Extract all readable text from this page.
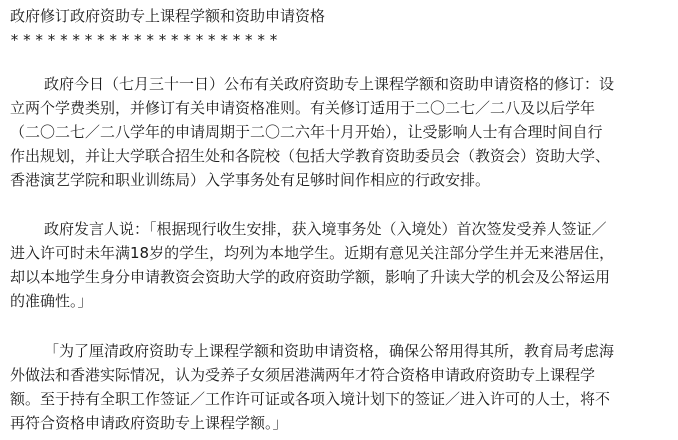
政府修订政府资助专上课程学额和资助申请资格
**********************
政府今日（七月三十一日）公布有关政府资助专上课程学额和资助申请资格的修订：设
立两个学费类别，并修订有关申请资格准则。有关修订适用于二〇二七／二八及以后学年
（二〇二七／二八学年的申请周期于二〇二六年十月开始），让受影响人士有合理时间自行
作出规划，并让大学联合招生处和各院校（包括大学教育资助委员会（教资会）资助大学、
香港演艺学院和职业训练局）入学事务处有足够时间作相应的行政安排。
政府发言人说：「根据现行收生安排，获入境事务处（入境处）首次签发受养人签证／
进入许可时未年满18岁的学生，均列为本地学生。近期有意见关注部分学生并无来港居住，
却以本地学生身分申请教资会资助大学的政府资助学额，影响了升读大学的机会及公帑运用
的准确性。」
「为了厘清政府资助专上课程学额和资助申请资格，确保公帑用得其所，教育局考虑海
外做法和香港实际情况，认为受养子女须居港满两年才符合资格申请政府资助专上课程学
额。至于持有全职工作签证／工作许可证或各项入境计划下的签证／进入许可的人士，将不
再符合资格申请政府资助专上课程学额。」
